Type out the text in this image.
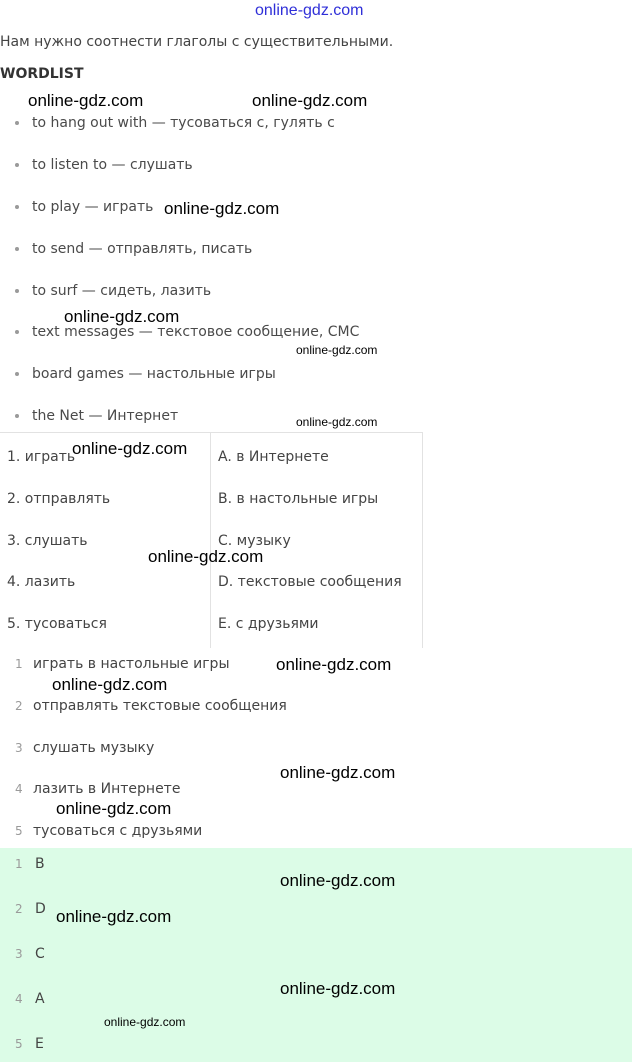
online-gdz.com
Нам нужно соотнести глаголы с существительными.
WORDLIST
to hang out with — тусоваться с, гулять с
to listen to — слушать
to play — играть
to send — отправлять, писать
to surf — сидеть, лазить
text messages — текстовое сообщение, СМС
board games — настольные игры
the Net — Интернет
1. играть
2. отправлять
3. слушать
4. лазить
5. тусоваться
A. в Интернете
B. в настольные игры
C. музыку
D. текстовые сообщения
E. с друзьями
1 играть в настольные игры
2 отправлять текстовые сообщения
3 слушать музыку
4 лазить в Интернете
5 тусоваться с друзьями
1 B
2 D
3 C
4 A
5 E
online-gdz.com	online-gdz.com
online-gdz.com
online-gdz.com
online-gdz.com
online-gdz.com
online-gdz.com
online-gdz.com
online-gdz.com
online-gdz.com
online-gdz.com
online-gdz.com
online-gdz.com
online-gdz.com
online-gdz.com
online-gdz.com
